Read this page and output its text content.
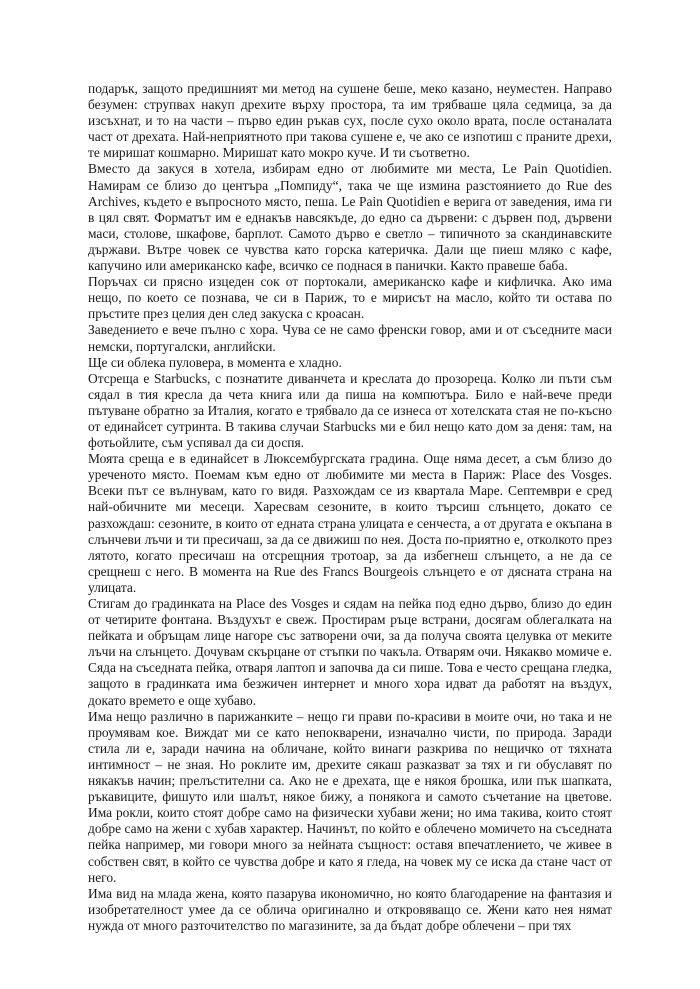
подарък, защото предишният ми метод на сушене беше, меко казано, неуместен. Направо безумен: струпвах накуп дрехите върху простора, та им трябваше цяла седмица, за да изсъхнат, и то на части – първо един ръкав сух, после сухо около врата, после останалата част от дрехата. Най-неприятното при такова сушене е, че ако се изпотиш с праните дрехи, те миришат кошмарно. Миришат като мокро куче. И ти съответно.

Вместо да закуся в хотела, избирам едно от любимите ми места, Le Pain Quotidien. Намирам се близо до центъра „Помпиду“, така че ще измина разстоянието до Rue des Archives, където е въпросното място, пеша. Le Pain Quotidien е верига от заведения, има ги в цял свят. Форматът им е еднакъв навсякъде, до едно са дървени: с дървен под, дървени маси, столове, шкафове, барплот. Самото дърво е светло – типичното за скандинавските държави. Вътре човек се чувства като горска катеричка. Дали ще пиеш мляко с кафе, капучино или американско кафе, всичко се поднася в панички. Както правеше баба.

Поръчах си прясно изцеден сок от портокали, американско кафе и кифличка. Ако има нещо, по което се познава, че си в Париж, то е мирисът на масло, който ти остава по пръстите през целия ден след закуска с кроасан.

Заведението е вече пълно с хора. Чува се не само френски говор, ами и от съседните маси немски, португалски, английски.

Ще си облека пуловера, в момента е хладно.

Отсреща е Starbucks, с познатите диванчета и креслата до прозореца. Колко ли пъти съм сядал в тия кресла да чета книга или да пиша на компютъра. Било е най-вече преди пътуване обратно за Италия, когато е трябвало да се изнеса от хотелската стая не по-късно от единайсет сутринта. В такива случаи Starbucks ми е бил нещо като дом за деня: там, на фотьойлите, съм успявал да си доспя.

Моята среща е в единайсет в Люксембургската градина. Още няма десет, а съм близо до уреченото място. Поемам към едно от любимите ми места в Париж: Place des Vosges. Всеки път се вълнувам, като го видя. Разхождам се из квартала Маре. Септември е сред най-обичните ми месеци. Харесвам сезоните, в които търсиш слънцето, докато се разхождаш: сезоните, в които от едната страна улицата е сенчеста, а от другата е окъпана в слънчеви лъчи и ти пресичаш, за да се движиш по нея. Доста по-приятно е, отколкото през лятото, когато пресичаш на отсрещния тротоар, за да избегнеш слънцето, а не да се срещнеш с него. В момента на Rue des Francs Bourgeois слънцето е от дясната страна на улицата.

Стигам до градинката на Place des Vosges и сядам на пейка под едно дърво, близо до един от четирите фонтана. Въздухът е свеж. Простирам ръце встрани, досягам облегалката на пейката и обръщам лице нагоре със затворени очи, за да получа своята целувка от меките лъчи на слънцето. Дочувам скърцане от стъпки по чакъла. Отварям очи. Някакво момиче е. Сяда на съседната пейка, отваря лаптоп и започва да си пише. Това е често срещана гледка, защото в градинката има безжичен интернет и много хора идват да работят на въздух, докато времето е още хубаво.

Има нещо различно в парижанките – нещо ги прави по-красиви в моите очи, но така и не проумявам кое. Виждат ми се като непокварени, изначално чисти, по природа. Заради стила ли е, заради начина на обличане, който винаги разкрива по нещичко от тяхната интимност – не зная. Но роклите им, дрехите сякаш разказват за тях и ги обуславят по някакъв начин; прелъстителни са. Ако не е дрехата, ще е някоя брошка, или пък шапката, ръкавиците, фишуто или шалът, някое бижу, а понякога и самото съчетание на цветове. Има рокли, които стоят добре само на физически хубави жени; но има такива, които стоят добре само на жени с хубав характер. Начинът, по който е облечено момичето на съседната пейка например, ми говори много за нейната същност: оставя впечатлението, че живее в собствен свят, в който се чувства добре и като я гледа, на човек му се иска да стане част от него.

Има вид на млада жена, която пазарува икономично, но която благодарение на фантазия и изобретателност умее да се облича оригинално и откровяващо се. Жени като нея нямат нужда от много разточителство по магазините, за да бъдат добре облечени – при тях
